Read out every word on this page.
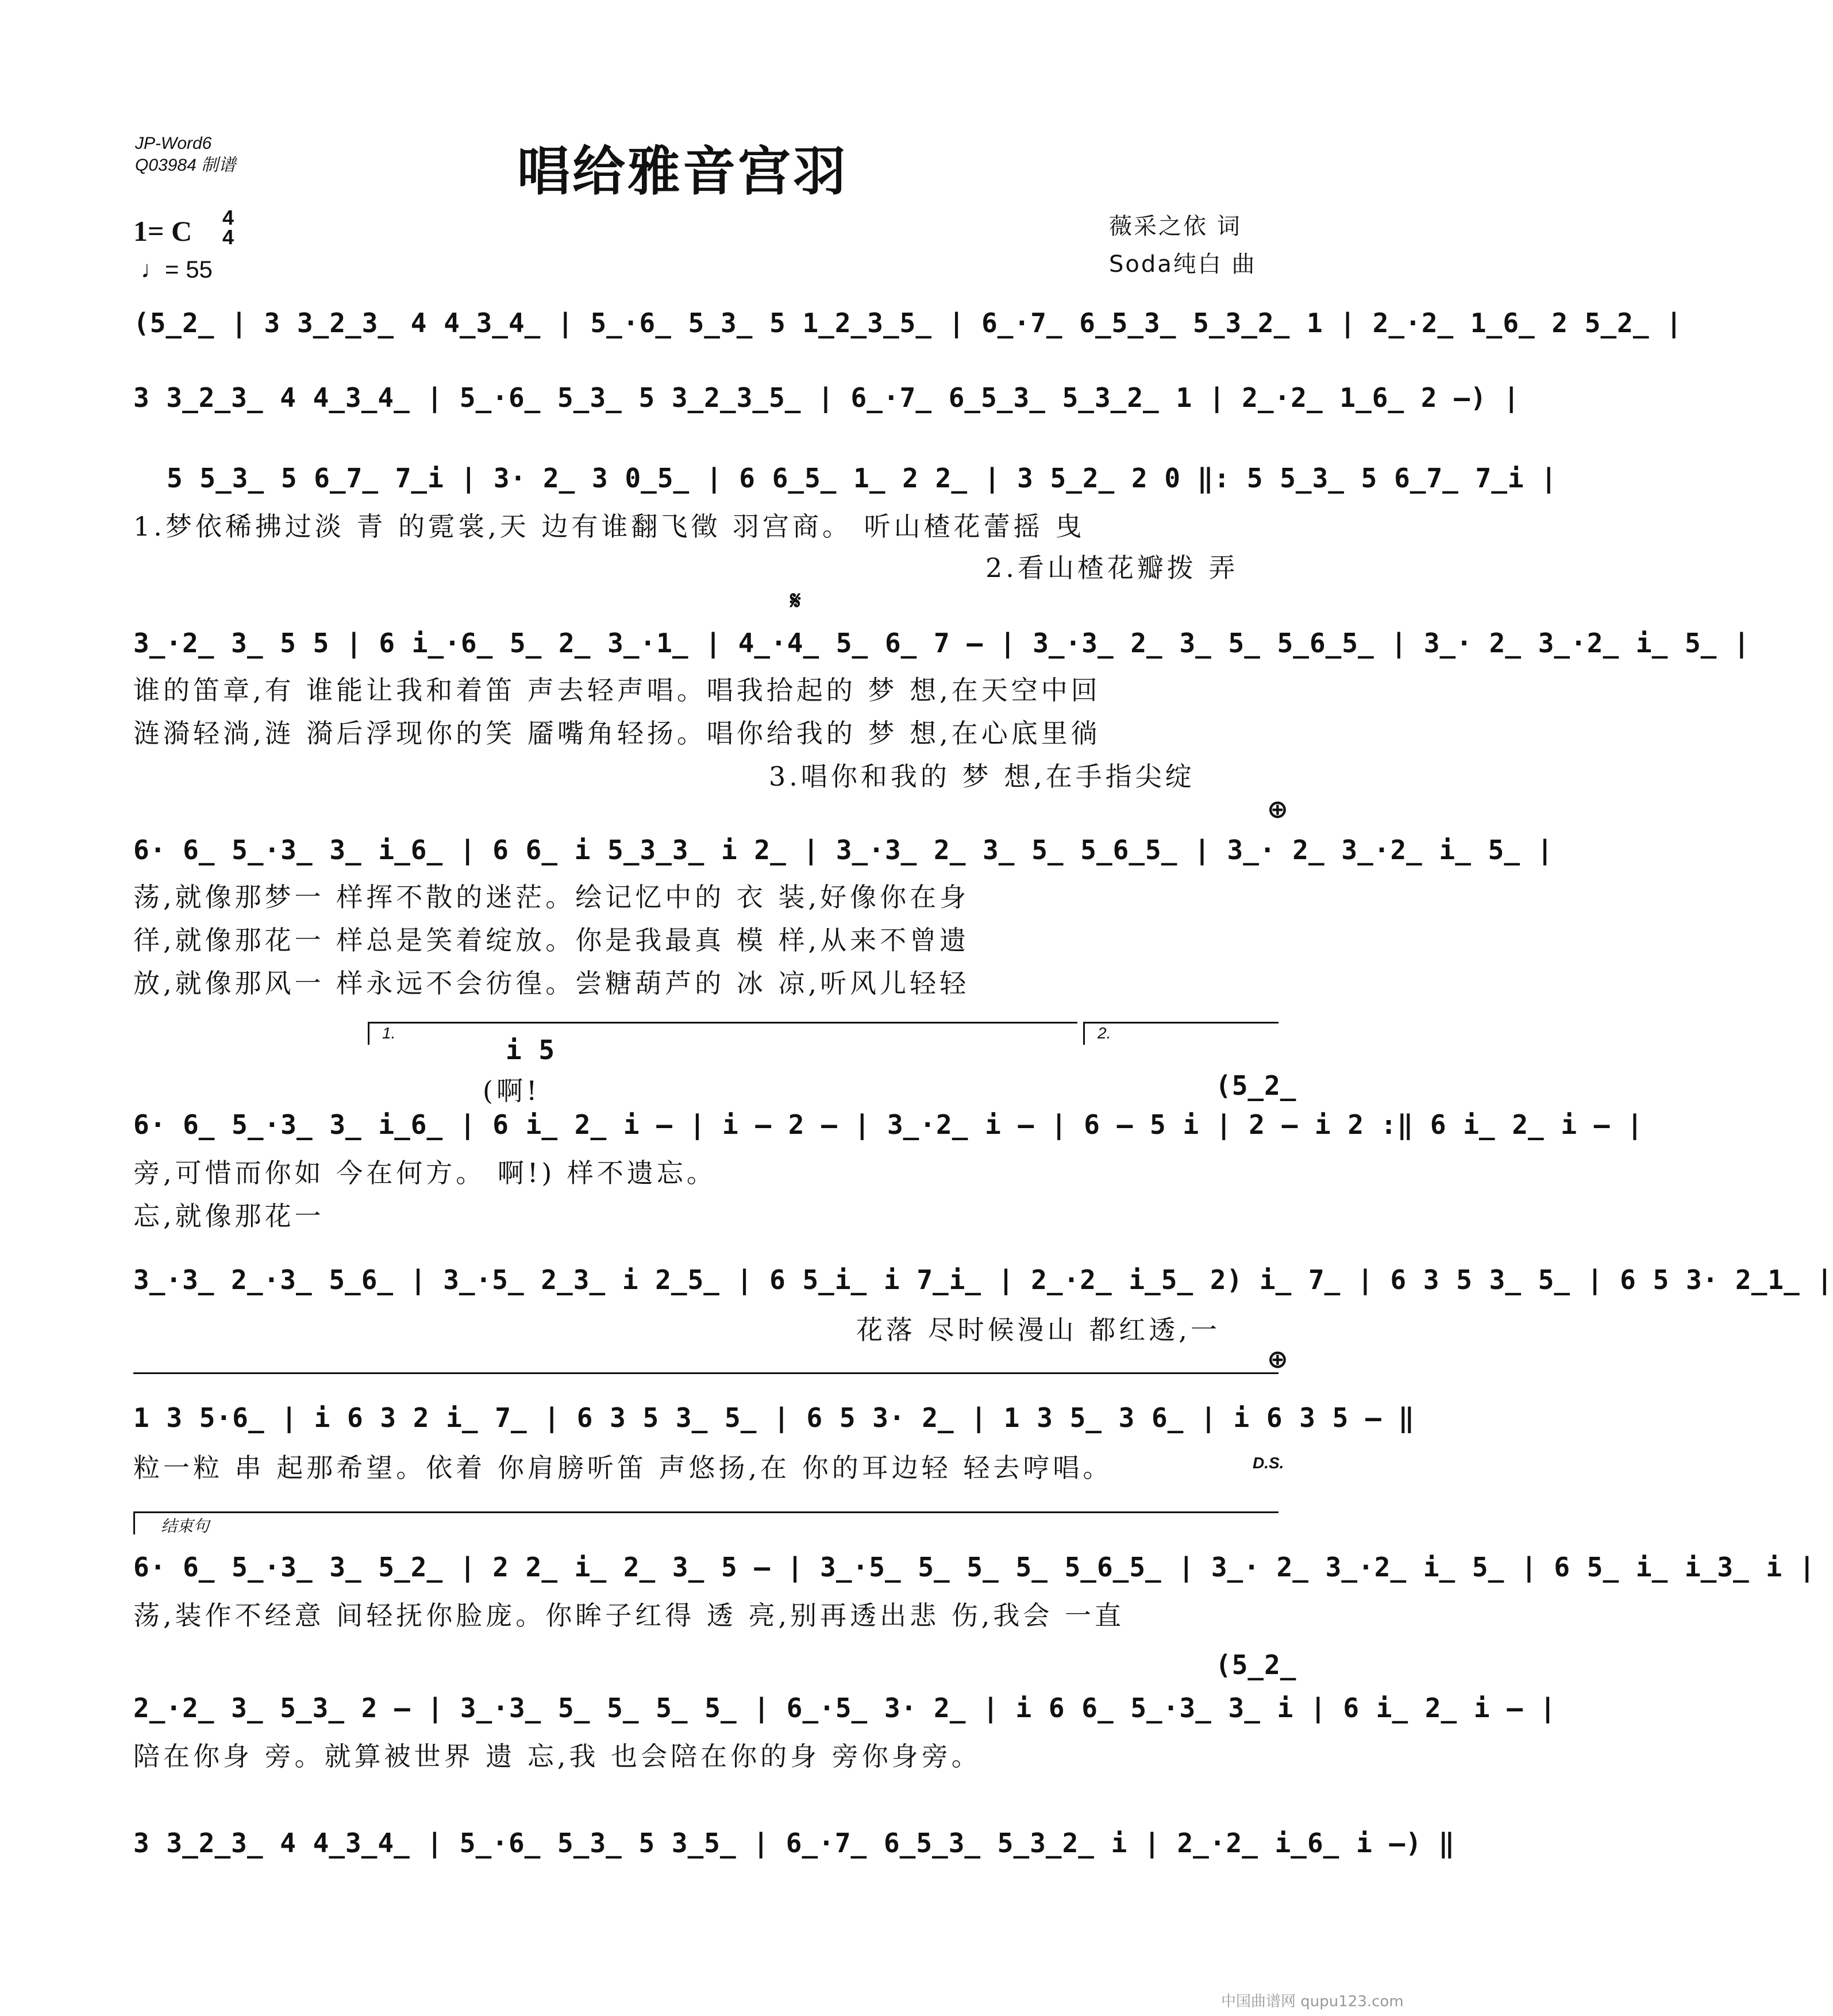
JP-Word6
Q03984 制谱	唱给雅音宫羽
1= C 4
4
♩= 55
薇采之依 词
Soda纯白 曲
(5̲2̲ | 3 3̲2̲3̲ 4 4̲3̲4̲ | 5̲·6̲ 5̲3̲ 5 1̲2̲3̲5̲ | 6̲·7̲ 6̲5̲3̲ 5̲3̲2̲ 1 | 2̲·2̲ 1̲6̲ 2 5̲2̲ |
3 3̲2̲3̲ 4 4̲3̲4̲ | 5̲·6̲ 5̲3̲ 5 3̲2̲3̲5̲ | 6̲·7̲ 6̲5̲3̲ 5̲3̲2̲ 1 | 2̲·2̲ 1̲6̲ 2 –) |
5 5̲3̲ 5 6̲7̲ 7̲i | 3· 2̲ 3 0̲5̲ | 6 6̲5̲ 1̲ 2 2̲ | 3 5̲2̲ 2 0 ‖: 5 5̲3̲ 5 6̲7̲ 7̲i |
1.梦依稀拂过淡 青 的霓裳,天 边有谁翻飞徵 羽宫商。 听山楂花蕾摇 曳
2.看山楂花瓣拨 弄
𝄋
3̲·2̲ 3̲ 5 5 | 6 i̲·6̲ 5̲ 2̲ 3̲·1̲ | 4̲·4̲ 5̲ 6̲ 7 – | 3̲·3̲ 2̲ 3̲ 5̲ 5̲6̲5̲ | 3̲· 2̲ 3̲·2̲ i̲ 5̲ |
谁的笛章,有 谁能让我和着笛 声去轻声唱。唱我拾起的 梦 想,在天空中回
涟漪轻淌,涟 漪后浮现你的笑 靥嘴角轻扬。唱你给我的 梦 想,在心底里徜
3.唱你和我的 梦 想,在手指尖绽
⊕
6· 6̲ 5̲·3̲ 3̲ i̲6̲ | 6 6̲ i 5̲3̲3̲ i 2̲ | 3̲·3̲ 2̲ 3̲ 5̲ 5̲6̲5̲ | 3̲· 2̲ 3̲·2̲ i̲ 5̲ |
荡,就像那梦一 样挥不散的迷茫。绘记忆中的 衣 装,好像你在身
徉,就像那花一 样总是笑着绽放。你是我最真 模 样,从来不曾遗
放,就像那风一 样永远不会彷徨。尝糖葫芦的 冰 凉,听风儿轻轻
1.	2.
i 5
(啊!	(5̲2̲
6· 6̲ 5̲·3̲ 3̲ i̲6̲ | 6 i̲ 2̲ i – | i – 2 – | 3̲·2̲ i – | 6 – 5 i | 2 – i 2 :‖ 6 i̲ 2̲ i – |
旁,可惜而你如 今在何方。 啊!) 样不遗忘。
忘,就像那花一
3̲·3̲ 2̲·3̲ 5̲6̲ | 3̲·5̲ 2̲3̲ i 2̲5̲ | 6 5̲i̲ i 7̲i̲ | 2̲·2̲ i̲5̲ 2) i̲ 7̲ | 6 3 5 3̲ 5̲ | 6 5 3· 2̲1̲ |
花落 尽时候漫山 都红透,一
⊕
1 3 5·6̲ | i 6 3 2 i̲ 7̲ | 6 3 5 3̲ 5̲ | 6 5 3· 2̲ | 1 3 5̲ 3 6̲ | i 6 3 5 – ‖
粒一粒 串 起那希望。依着 你肩膀听笛 声悠扬,在 你的耳边轻 轻去哼唱。	D.S.
结束句
6· 6̲ 5̲·3̲ 3̲ 5̲2̲ | 2 2̲ i̲ 2̲ 3̲ 5 – | 3̲·5̲ 5̲ 5̲ 5̲ 5̲6̲5̲ | 3̲· 2̲ 3̲·2̲ i̲ 5̲ | 6 5̲ i̲ i̲3̲ i |
荡,装作不经意 间轻抚你脸庞。你眸子红得 透 亮,别再透出悲 伤,我会 一直
(5̲2̲
2̲·2̲ 3̲ 5̲3̲ 2 – | 3̲·3̲ 5̲ 5̲ 5̲ 5̲ | 6̲·5̲ 3· 2̲ | i 6 6̲ 5̲·3̲ 3̲ i | 6 i̲ 2̲ i – |
陪在你身 旁。就算被世界 遗 忘,我 也会陪在你的身 旁你身旁。
3 3̲2̲3̲ 4 4̲3̲4̲ | 5̲·6̲ 5̲3̲ 5 3̲5̲ | 6̲·7̲ 6̲5̲3̲ 5̲3̲2̲ i | 2̲·2̲ i̲6̲ i –) ‖
中国曲谱网 qupu123.com
